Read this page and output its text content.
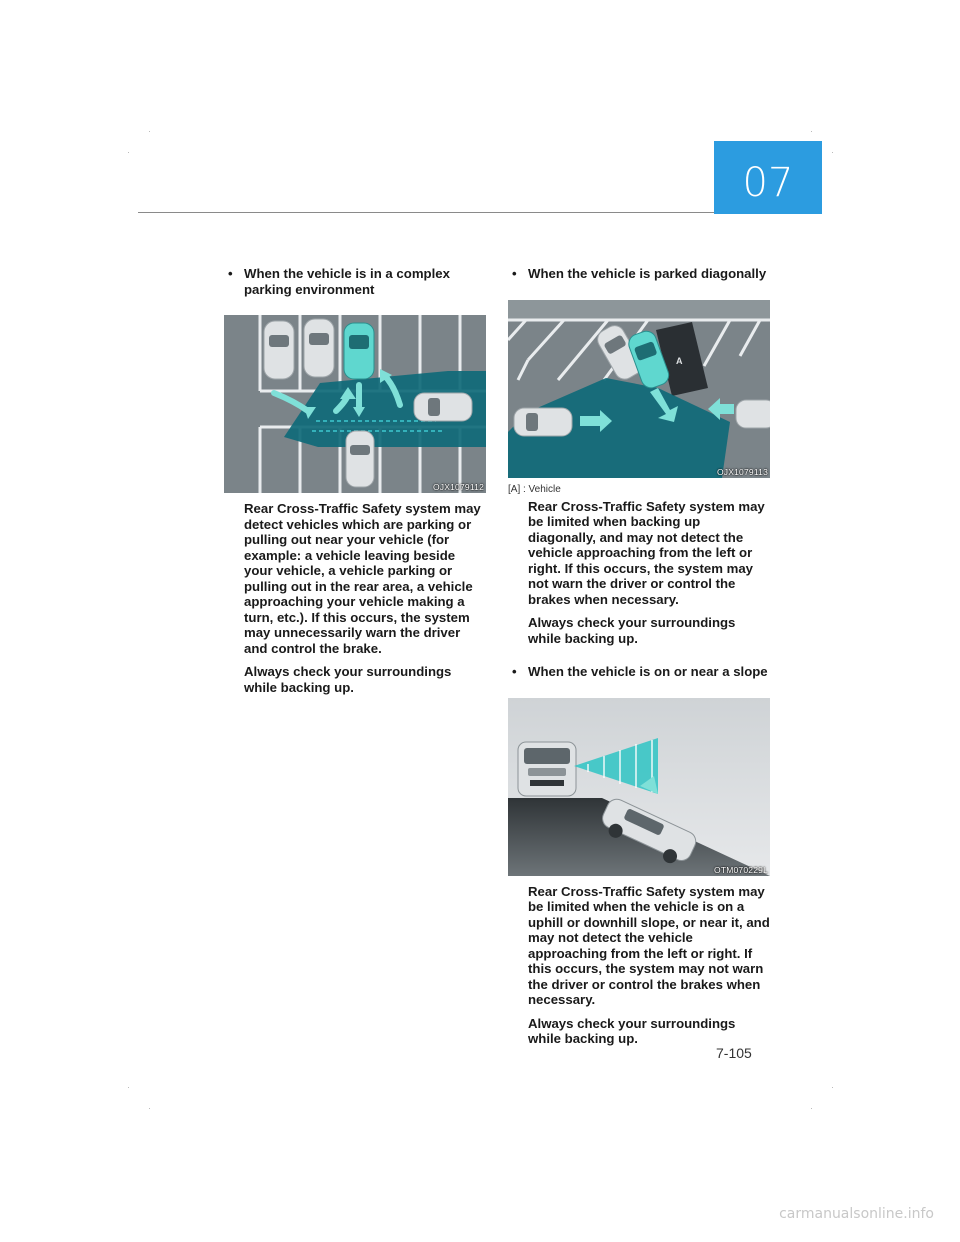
07
• When the vehicle is in a complex parking environment
OJX1079112
Rear Cross-Traffic Safety system may detect vehicles which are parking or pulling out near your vehicle (for example: a vehicle leaving beside your vehicle, a vehicle parking or pulling out in the rear area, a vehicle approaching your vehicle making a turn, etc.). If this occurs, the system may unnecessarily warn the driver and control the brake.
Always check your surroundings while backing up.
• When the vehicle is parked diagonally
A
OJX1079113
[A] : Vehicle
Rear Cross-Traffic Safety system may be limited when backing up diagonally, and may not detect the vehicle approaching from the left or right. If this occurs, the system may not warn the driver or control the brakes when necessary.
Always check your surroundings while backing up.
• When the vehicle is on or near a slope
OTM070229L
Rear Cross-Traffic Safety system may be limited when the vehicle is on a uphill or downhill slope, or near it, and may not detect the vehicle approaching from the left or right. If this occurs, the system may not warn the driver or control the brakes when necessary.
Always check your surroundings while backing up.
7-105
carmanualsonline.info
